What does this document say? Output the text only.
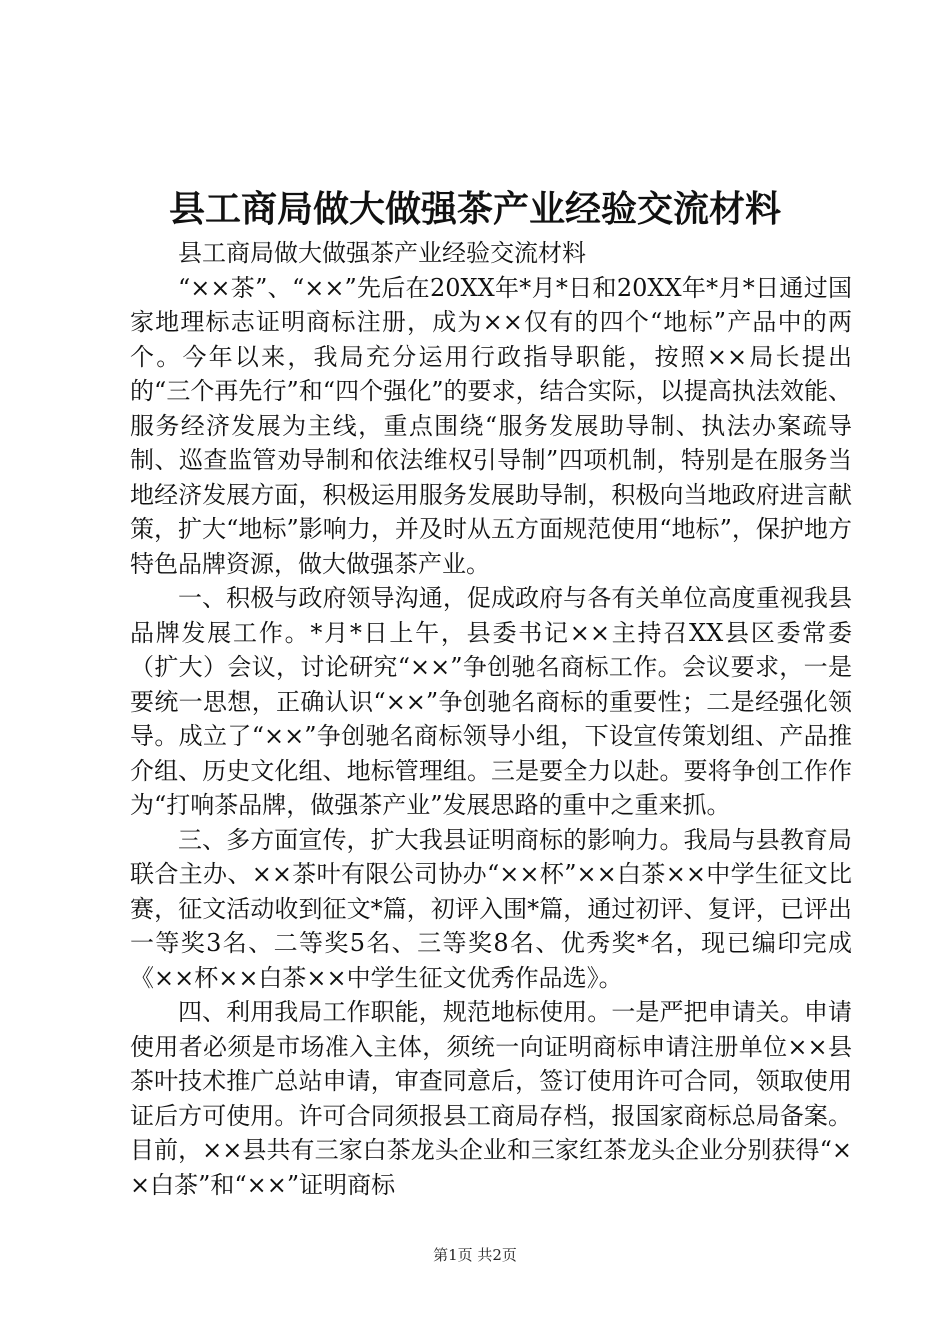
县工商局做大做强茶产业经验交流材料

县工商局做大做强茶产业经验交流材料

“××茶”、“××”先后在20XX年*月*日和20XX年*月*日通过国家地理标志证明商标注册，成为××仅有的四个“地标”产品中的两个。今年以来，我局充分运用行政指导职能，按照××局长提出的“三个再先行”和“四个强化”的要求，结合实际，以提高执法效能、服务经济发展为主线，重点围绕“服务发展助导制、执法办案疏导制、巡查监管劝导制和依法维权引导制”四项机制，特别是在服务当地经济发展方面，积极运用服务发展助导制，积极向当地政府进言献策，扩大“地标”影响力，并及时从五方面规范使用“地标”，保护地方特色品牌资源，做大做强茶产业。

一、积极与政府领导沟通，促成政府与各有关单位高度重视我县品牌发展工作。*月*日上午，县委书记××主持召XX县区委常委（扩大）会议，讨论研究“××”争创驰名商标工作。会议要求，一是要统一思想，正确认识“××”争创驰名商标的重要性；二是经强化领导。成立了“××”争创驰名商标领导小组，下设宣传策划组、产品推介组、历史文化组、地标管理组。三是要全力以赴。要将争创工作作为“打响茶品牌，做强茶产业”发展思路的重中之重来抓。

三、多方面宣传，扩大我县证明商标的影响力。我局与县教育局联合主办、××茶叶有限公司协办“××杯”××白茶××中学生征文比赛，征文活动收到征文*篇，初评入围*篇，通过初评、复评，已评出一等奖3名、二等奖5名、三等奖8名、优秀奖*名，现已编印完成《××杯××白茶××中学生征文优秀作品选》。

四、利用我局工作职能，规范地标使用。一是严把申请关。申请使用者必须是市场准入主体，须统一向证明商标申请注册单位××县茶叶技术推广总站申请，审查同意后，签订使用许可合同，领取使用证后方可使用。许可合同须报县工商局存档，报国家商标总局备案。目前，××县共有三家白茶龙头企业和三家红茶龙头企业分别获得“××白茶”和“××”证明商标

第1页 共2页
